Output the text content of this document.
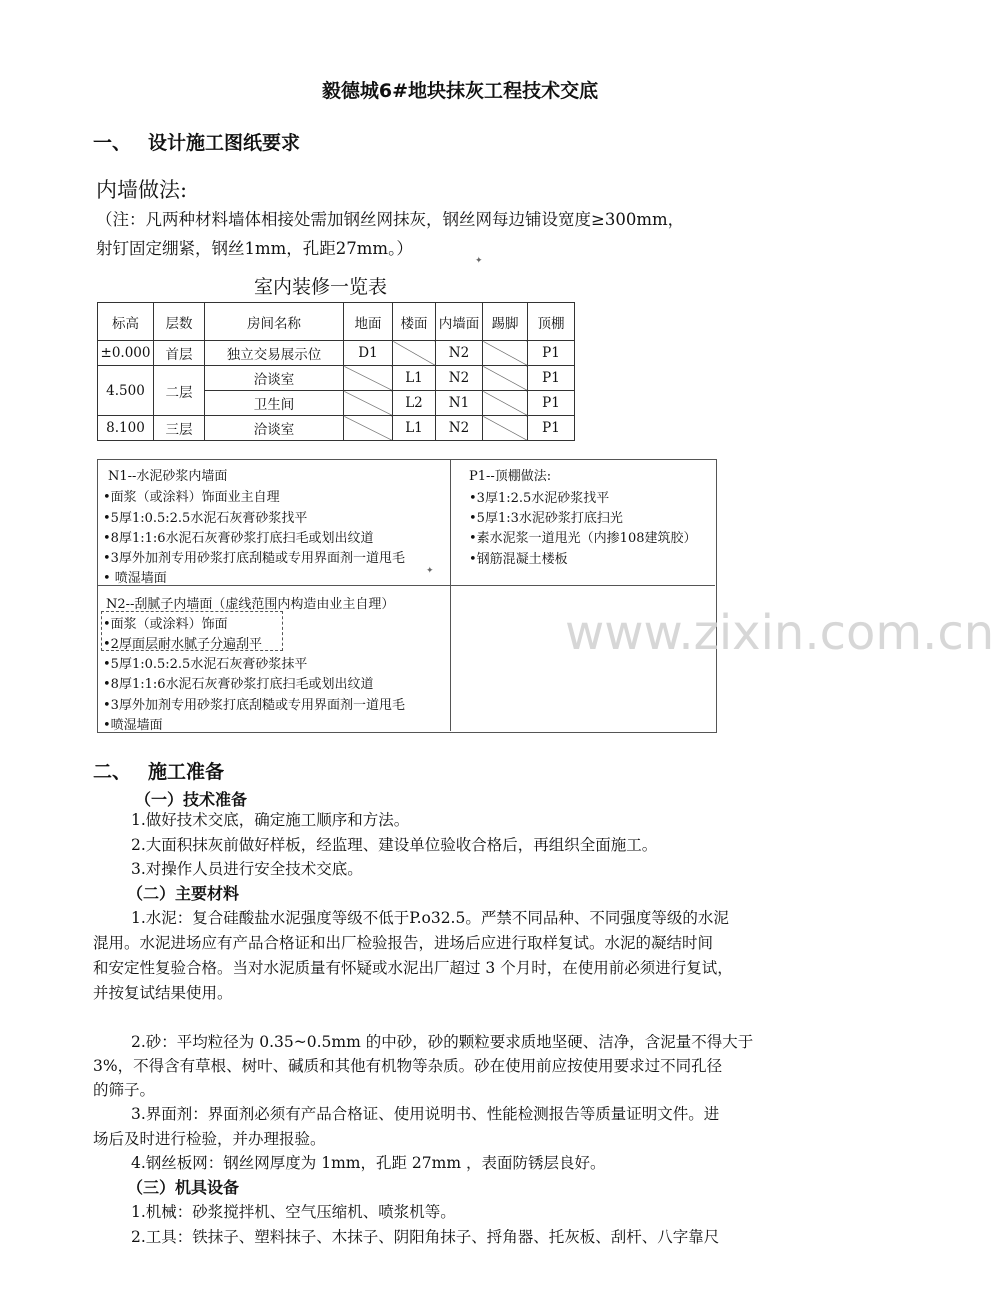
毅德城6#地块抹灰工程技术交底
一、 设计施工图纸要求
内墙做法:
（注：凡两种材料墙体相接处需加钢丝网抹灰，钢丝网每边铺设宽度≥300mm，
射钉固定绷紧，钢丝1mm，孔距27mm。）
✦
室内装修一览表
标高	层数	房间名称	地面	楼面	内墙面	踢脚	顶棚
±0.000	首层	独立交易展示位	D1		N2		P1
4.500	二层	洽谈室		L1	N2		P1
		卫生间		L2	N1		P1
8.100	三层	洽谈室		L1	N2		P1
N1--水泥砂浆内墙面
•面浆（或涂料）饰面业主自理
•5厚1:0.5:2.5水泥石灰膏砂浆找平
•8厚1:1:6水泥石灰膏砂浆打底扫毛或划出纹道
•3厚外加剂专用砂浆打底刮糙或专用界面剂一道甩毛
• 喷湿墙面	✦
P1--顶棚做法:
•3厚1:2.5水泥砂浆找平
•5厚1:3水泥砂浆打底扫光
•素水泥浆一道甩光（内掺108建筑胶）
•钢筋混凝土楼板
N2--刮腻子内墙面（虚线范围内构造由业主自理）
•面浆（或涂料）饰面
•2厚面层耐水腻子分遍刮平
•5厚1:0.5:2.5水泥石灰膏砂浆抹平
•8厚1:1:6水泥石灰膏砂浆打底扫毛或划出纹道
•3厚外加剂专用砂浆打底刮糙或专用界面剂一道甩毛
•喷湿墙面
www.zixin.com.cn
二、 施工准备
（一）技术准备
1.做好技术交底，确定施工顺序和方法。
2.大面积抹灰前做好样板，经监理、建设单位验收合格后，再组织全面施工。
3.对操作人员进行安全技术交底。
（二）主要材料
1.水泥：复合硅酸盐水泥强度等级不低于P.o32.5。严禁不同品种、不同强度等级的水泥
混用。水泥进场应有产品合格证和出厂检验报告，进场后应进行取样复试。水泥的凝结时间
和安定性复验合格。当对水泥质量有怀疑或水泥出厂超过 3 个月时，在使用前必须进行复试，
并按复试结果使用。
2.砂：平均粒径为 0.35~0.5mm 的中砂，砂的颗粒要求质地坚硬、洁净，含泥量不得大于
3%，不得含有草根、树叶、碱质和其他有机物等杂质。砂在使用前应按使用要求过不同孔径
的筛子。
3.界面剂：界面剂必须有产品合格证、使用说明书、性能检测报告等质量证明文件。进
场后及时进行检验，并办理报验。
4.钢丝板网：钢丝网厚度为 1mm，孔距 27mm ，表面防锈层良好。
（三）机具设备
1.机械：砂浆搅拌机、空气压缩机、喷浆机等。
2.工具：铁抹子、塑料抹子、木抹子、阴阳角抹子、捋角器、托灰板、刮杆、八字靠尺
